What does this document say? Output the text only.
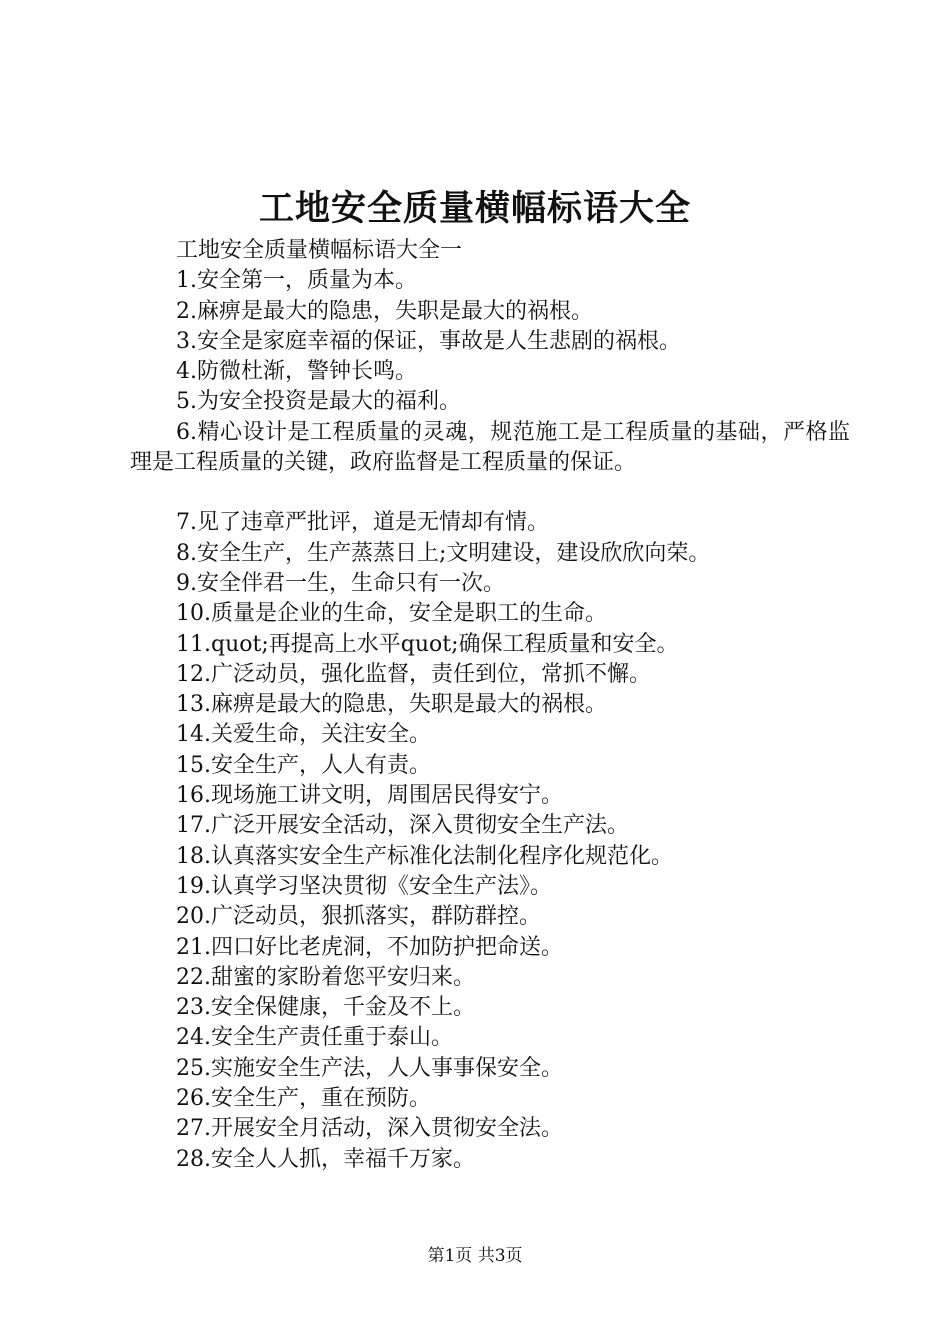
工地安全质量横幅标语大全
工地安全质量横幅标语大全一
1.安全第一，质量为本。
2.麻痹是最大的隐患，失职是最大的祸根。
3.安全是家庭幸福的保证，事故是人生悲剧的祸根。
4.防微杜渐，警钟长鸣。
5.为安全投资是最大的福利。
6.精心设计是工程质量的灵魂，规范施工是工程质量的基础，严格监理是工程质量的关键，政府监督是工程质量的保证。
7.见了违章严批评，道是无情却有情。
8.安全生产，生产蒸蒸日上;文明建设，建设欣欣向荣。
9.安全伴君一生，生命只有一次。
10.质量是企业的生命，安全是职工的生命。
11.quot;再提高上水平quot;确保工程质量和安全。
12.广泛动员，强化监督，责任到位，常抓不懈。
13.麻痹是最大的隐患，失职是最大的祸根。
14.关爱生命，关注安全。
15.安全生产，人人有责。
16.现场施工讲文明，周围居民得安宁。
17.广泛开展安全活动，深入贯彻安全生产法。
18.认真落实安全生产标准化法制化程序化规范化。
19.认真学习坚决贯彻《安全生产法》。
20.广泛动员，狠抓落实，群防群控。
21.四口好比老虎洞，不加防护把命送。
22.甜蜜的家盼着您平安归来。
23.安全保健康，千金及不上。
24.安全生产责任重于泰山。
25.实施安全生产法，人人事事保安全。
26.安全生产，重在预防。
27.开展安全月活动，深入贯彻安全法。
28.安全人人抓，幸福千万家。
第1页 共3页
